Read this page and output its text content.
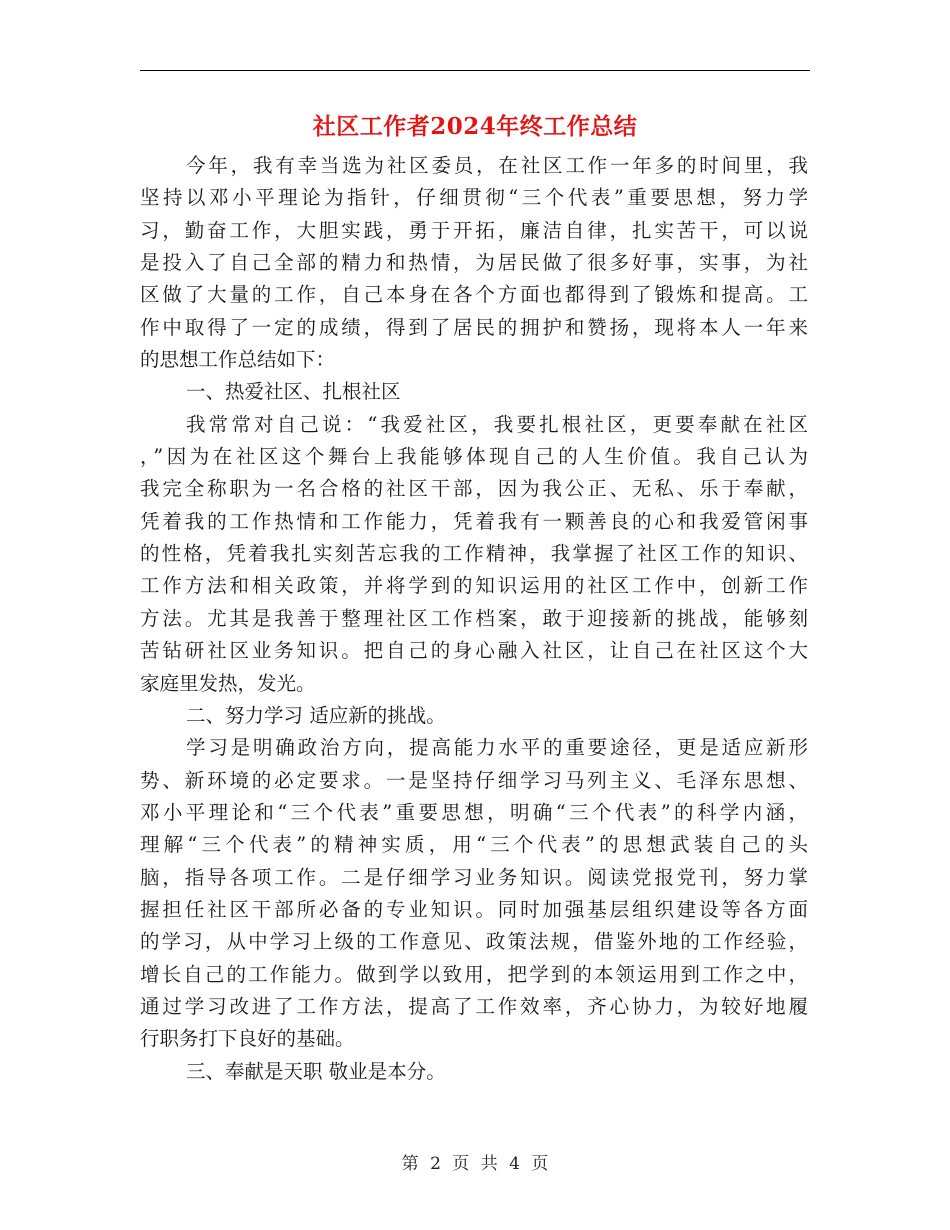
社区工作者2024年终工作总结
今年，我有幸当选为社区委员，在社区工作一年多的时间里，我
坚持以邓小平理论为指针，仔细贯彻“三个代表”重要思想，努力学
习，勤奋工作，大胆实践，勇于开拓，廉洁自律，扎实苦干，可以说
是投入了自己全部的精力和热情，为居民做了很多好事，实事，为社
区做了大量的工作，自己本身在各个方面也都得到了锻炼和提高。工
作中取得了一定的成绩，得到了居民的拥护和赞扬，现将本人一年来
的思想工作总结如下：
一、热爱社区、扎根社区
我常常对自己说：“我爱社区，我要扎根社区，更要奉献在社区
，”因为在社区这个舞台上我能够体现自己的人生价值。我自己认为
我完全称职为一名合格的社区干部，因为我公正、无私、乐于奉献，
凭着我的工作热情和工作能力，凭着我有一颗善良的心和我爱管闲事
的性格，凭着我扎实刻苦忘我的工作精神，我掌握了社区工作的知识、
工作方法和相关政策，并将学到的知识运用的社区工作中，创新工作
方法。尤其是我善于整理社区工作档案，敢于迎接新的挑战，能够刻
苦钻研社区业务知识。把自己的身心融入社区，让自己在社区这个大
家庭里发热，发光。
二、努力学习 适应新的挑战。
学习是明确政治方向，提高能力水平的重要途径，更是适应新形
势、新环境的必定要求。一是坚持仔细学习马列主义、毛泽东思想、
邓小平理论和“三个代表”重要思想，明确“三个代表”的科学内涵，
理解“三个代表”的精神实质，用“三个代表”的思想武装自己的头
脑，指导各项工作。二是仔细学习业务知识。阅读党报党刊，努力掌
握担任社区干部所必备的专业知识。同时加强基层组织建设等各方面
的学习，从中学习上级的工作意见、政策法规，借鉴外地的工作经验，
增长自己的工作能力。做到学以致用，把学到的本领运用到工作之中，
通过学习改进了工作方法，提高了工作效率，齐心协力，为较好地履
行职务打下良好的基础。
三、奉献是天职 敬业是本分。
第 2 页 共 4 页
